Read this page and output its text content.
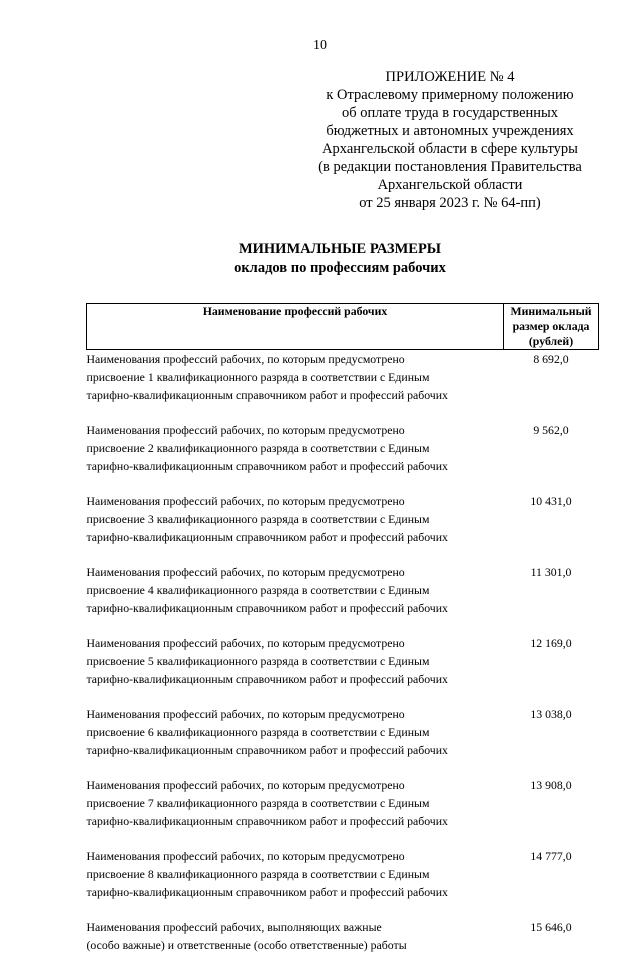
10
ПРИЛОЖЕНИЕ № 4
к Отраслевому примерному положению
об оплате труда в государственных
бюджетных и автономных учреждениях
Архангельской области в сфере культуры
(в редакции постановления Правительства
Архангельской области
от 25 января 2023 г. № 64-пп)
МИНИМАЛЬНЫЕ РАЗМЕРЫ
окладов по профессиям рабочих
Наименование профессий рабочих	Минимальный
размер оклада
(рублей)

Наименования профессий рабочих, по которым предусмотрено
присвоение 1 квалификационного разряда в соответствии с Единым
тарифно-квалификационным справочником работ и профессий рабочих	8 692,0

Наименования профессий рабочих, по которым предусмотрено
присвоение 2 квалификационного разряда в соответствии с Единым
тарифно-квалификационным справочником работ и профессий рабочих	9 562,0

Наименования профессий рабочих, по которым предусмотрено
присвоение 3 квалификационного разряда в соответствии с Единым
тарифно-квалификационным справочником работ и профессий рабочих	10 431,0

Наименования профессий рабочих, по которым предусмотрено
присвоение 4 квалификационного разряда в соответствии с Единым
тарифно-квалификационным справочником работ и профессий рабочих	11 301,0

Наименования профессий рабочих, по которым предусмотрено
присвоение 5 квалификационного разряда в соответствии с Единым
тарифно-квалификационным справочником работ и профессий рабочих	12 169,0

Наименования профессий рабочих, по которым предусмотрено
присвоение 6 квалификационного разряда в соответствии с Единым
тарифно-квалификационным справочником работ и профессий рабочих	13 038,0

Наименования профессий рабочих, по которым предусмотрено
присвоение 7 квалификационного разряда в соответствии с Единым
тарифно-квалификационным справочником работ и профессий рабочих	13 908,0

Наименования профессий рабочих, по которым предусмотрено
присвоение 8 квалификационного разряда в соответствии с Единым
тарифно-квалификационным справочником работ и профессий рабочих	14 777,0

Наименования профессий рабочих, выполняющих важные
(особо важные) и ответственные (особо ответственные) работы	15 646,0
